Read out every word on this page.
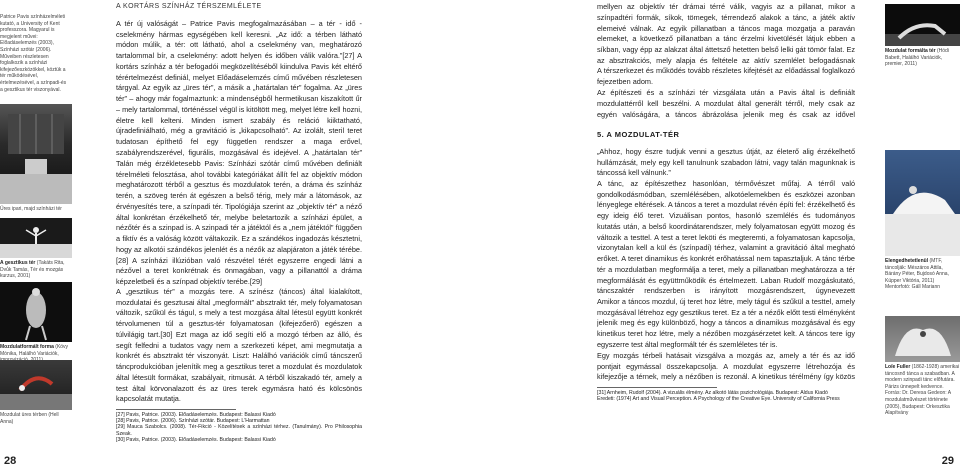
Patrice Pavis színházelméleti kutató, a University of Kent professzora. Magyarul is megjelent művei: Előadáselemzés (2003), Színházi szótár (2006). Műveiben részletesen foglalkozik a színházi kifejezőeszközökkel, köztük a tér működésével, értelmezésével, a színpadi-és a gesztikus tér viszonyával.
Üres ipari, majd színházi tér
A gesztikus tér (Takáts Rita, Dvůk Tamás, Tér és mozgás kurzus, 2001)
Mozdulatformált forma (Kövy Mónika, Halálhó Variációk,
Mozdulat üres térben (Hell Anna)
A KORTÁRS SZÍNHÁZ TÉRSZEMLÉLETE

A tér új valóságát – Patrice Pavis megfogalmazásában – a tér - idő - cselekmény hármas egységében kell keresni. „Az idő: a térben látható módon múlik, a tér: ott látható, ahol a cselekmény van, meghatározó tartalommal bír, a cselekmény: adott helyen és időben válik valóra.”[27] A kortárs színház a tér befogadói megközelítéséből kiindulva Pavis két eltérő térértelmezést definiál, melyet Előadáselemzés című művében részletesen tárgyal. Az egyik az „üres tér”, a másik a „határtalan tér” fogalma. Az „üres tér” – ahogy már fogalmaztunk: a mindenségből hermetikusan kiszakított űr – mely tartalommal, történéssel végül is kitöltött meg, melyet létre kell hozni, életre kell kelteni. Minden ismert szabály és reláció kiiktatható, újradefiniálható, még a gravitáció is „kikapcsolható”. Az izolált, steril teret tudatosan építhető fel egy független rendszer a maga erővel, szabályrendszerével, figurális, mozgásával és idejével. A „határtalan tér”

Talán még érzékletesebb Pavis: Színházi szótár című művében definiált térelméleti felosztása, ahol további kategóriákat állít fel az objektív módon meghatározott térből a gesztus és mozdulatok terén, a dráma és színház terén, a szöveg terén át egészen a belső térig, mely már a látomások, az érvényesítés tere, a színpadi tér. Tipológiája szerint az „objektív tér” a néző által konkrétan érzékelhető tér, melybe beletartozik a színházi épület, a nézőtér és a szinpad is. A szinpadi tér a játéktól és a „nem játéktól” függően a fiktív és a valóság között váltakozik. Ez a szándékos ingadozás késztetni, hogy az alkotói szándékos jelenlét és a nézők az alapjáraton a játék térébe.[28] A színházi illúzióban való részvétel térét egyszerre engedi látni a nézővel a teret konkrétnak és önmagában, vagy a pillanattól a dráma képzeletbeli és a színpad objektív terébe.[29]

A „gesztikus tér” a mozgás tere. A színész (táncos) által kialakított, mozdulatai és gesztusai által „megformált” absztrakt tér, mely folyamatosan változik, szűkül és tágul, s mely a test mozgása által létesül együtt konkrét térvolumenen túl a gesztus-tér folyamatosan (kifejezőerő) egészen a túlvilágig tart.[30] Ezt maga az idő segíti elő a mozgó térben az álló, és segít felfedni a tudatos vagy nem a szerkezeti képet, ami megmutatja a konkrét és absztrakt tér viszonyát. Liszt: Halálhó variációk című táncszerű táncprodukcióban jelenítik meg a gesztikus teret a mozdulat és mozdulatok által létesült formákat, szabályait, ritmusát. A térből kiszakadó tér, amely a test által körvonalazott és az üres terek egymásra ható és kölcsönös kapcsolatát mutatja.

[27] Pavis, Patrice. (2003). Előadáselemzés. Budapest: Balassi Kiadó
[28] Pavis, Patrice. (2006). Színházi szótár. Budapest: L'Harmattan
[29] Mauca Szabolcs. (2008). Tér-Fikció - Közelítések a színházi térhez. (Tanulmány). Pro Philosophia Szeak.
[30] Pavis, Patrice. (2003). Előadáselemzés. Budapest: Balassi Kiadó
28

mellyen az objektív tér drámai térré válik, vagyis az a pillanat, mikor a színpadtéri formák, síkok, tömegek, térrendező alakok a tánc, a játék aktív elemeivé válnak. Az egyik pillanatban a táncos maga mozgatja a paraván elemeket, a következő pillanatban a tánc érzelmi kivetülését látjuk ebben a síkban, vagy épp az alakzat által áttetsző hetetten belső lelki gát tömör falat. Ez az absztrakciós, mely alapja és feltétele az aktív szemlélet befogadásnak

A térszerkezet és működés tovább részletes kifejtését az előadással foglalkozó fejezetben adom.

Az építészeti és a színházi tér vizsgálata után a Pavis által is definiált mozdulattérről kell beszélni. A mozdulat által generált térről, mely csak az egyén valóságára, a táncos ábrázolása jelenik meg és csak az idővel

5. A MOZDULAT-TÉR

„Ahhoz, hogy észre tudjuk venni a gesztus útját, az életerő alig érzékelhető hullámzását, mely egy kell tanulnunk szabadon látni, vagy talán magunknak is táncossá kell válnunk.”

A tánc, az építészethez hasonlóan, térmővészet műfaj. A térről való gondolkodásmódban, szemlélésében, alkotóelemekben és eszközei azonban lényeglege eltérések. A táncos a teret a mozdulat révén építi fel: érzékelhető és egy ideig élő teret. Vizuálisan pontos, hasonló szemlélés és tudományos kutatás után, a belső koordinátarendszer, mely folyamatosan együtt mozog és változik a testtel. A test a teret leköti és megteremti, a folyamatosan kapcsolja, vizonytalan kell a kül és (színpadi) térhez, valamint a gravitáció által megható erőket. A teret dinamikus és konkrét erőhatással nem tapasztaljuk. A tánc térbe tér a mozdulatban megformálja a teret, mely a pillanatban meghatározza a tér megformálását és együttműködik és értelmezett. Laban Rudolf mozgáskutató, táncszaktér rendszerben is irányított mozgásrendszert, úgynevezett

Amikor a táncos mozdul, új teret hoz létre, mely tágul és szűkül a testtel, amely mozgásával létrehoz egy gesztikus teret. Ez a tér a nézők előtt testi élményként jelenik meg és egy különböző, hogy a táncos a dinamikus mozgásával és egy kinetikus teret hoz létre, mely a nézőben mozgásérzetet kelt. A táncos tere így egyszerre test által megformált tér és szemléletes tér is.

Egy mozgás térbeli hatásait vizsgálva a mozgás az, amely a tér és az idő pontjait egymással összekapcsolja. A mozdulat egyszerre létrehozója és kifejezője a térnek, mely a nézőben is rezonál. A kinetikus térélmény így közös

[31] Arnheim, Rudolf (2004). A vizuális élmény. Az alkotó látás pszichológiája. Budapest: Aldus Kiadó
Eredeti: (1974) Art and Visual Perception. A Psychology of the Creative Eye. University of California Press
Mozdulat formálta tér (Hódi Babett, Halálhó Variációk, premier, 2011)
Elengedhetetlenül (MTF, táncolják: Mészáros Attila, Bárány Péter, Bujdosó Anna, Küpper Viktória, 2011) Mentorfotó: Gáll Mariann
Loïe Fuller (1862-1928) amerikai táncosnő tánca a szabadban. A modern szinpadi tánc előfutára. Párizs ünnepelt kedvence. Forrás: Dr. Deresa Gedeon: A mozdulatművészet története (2005), Budapest: Orkesztika Alapítvány
29
